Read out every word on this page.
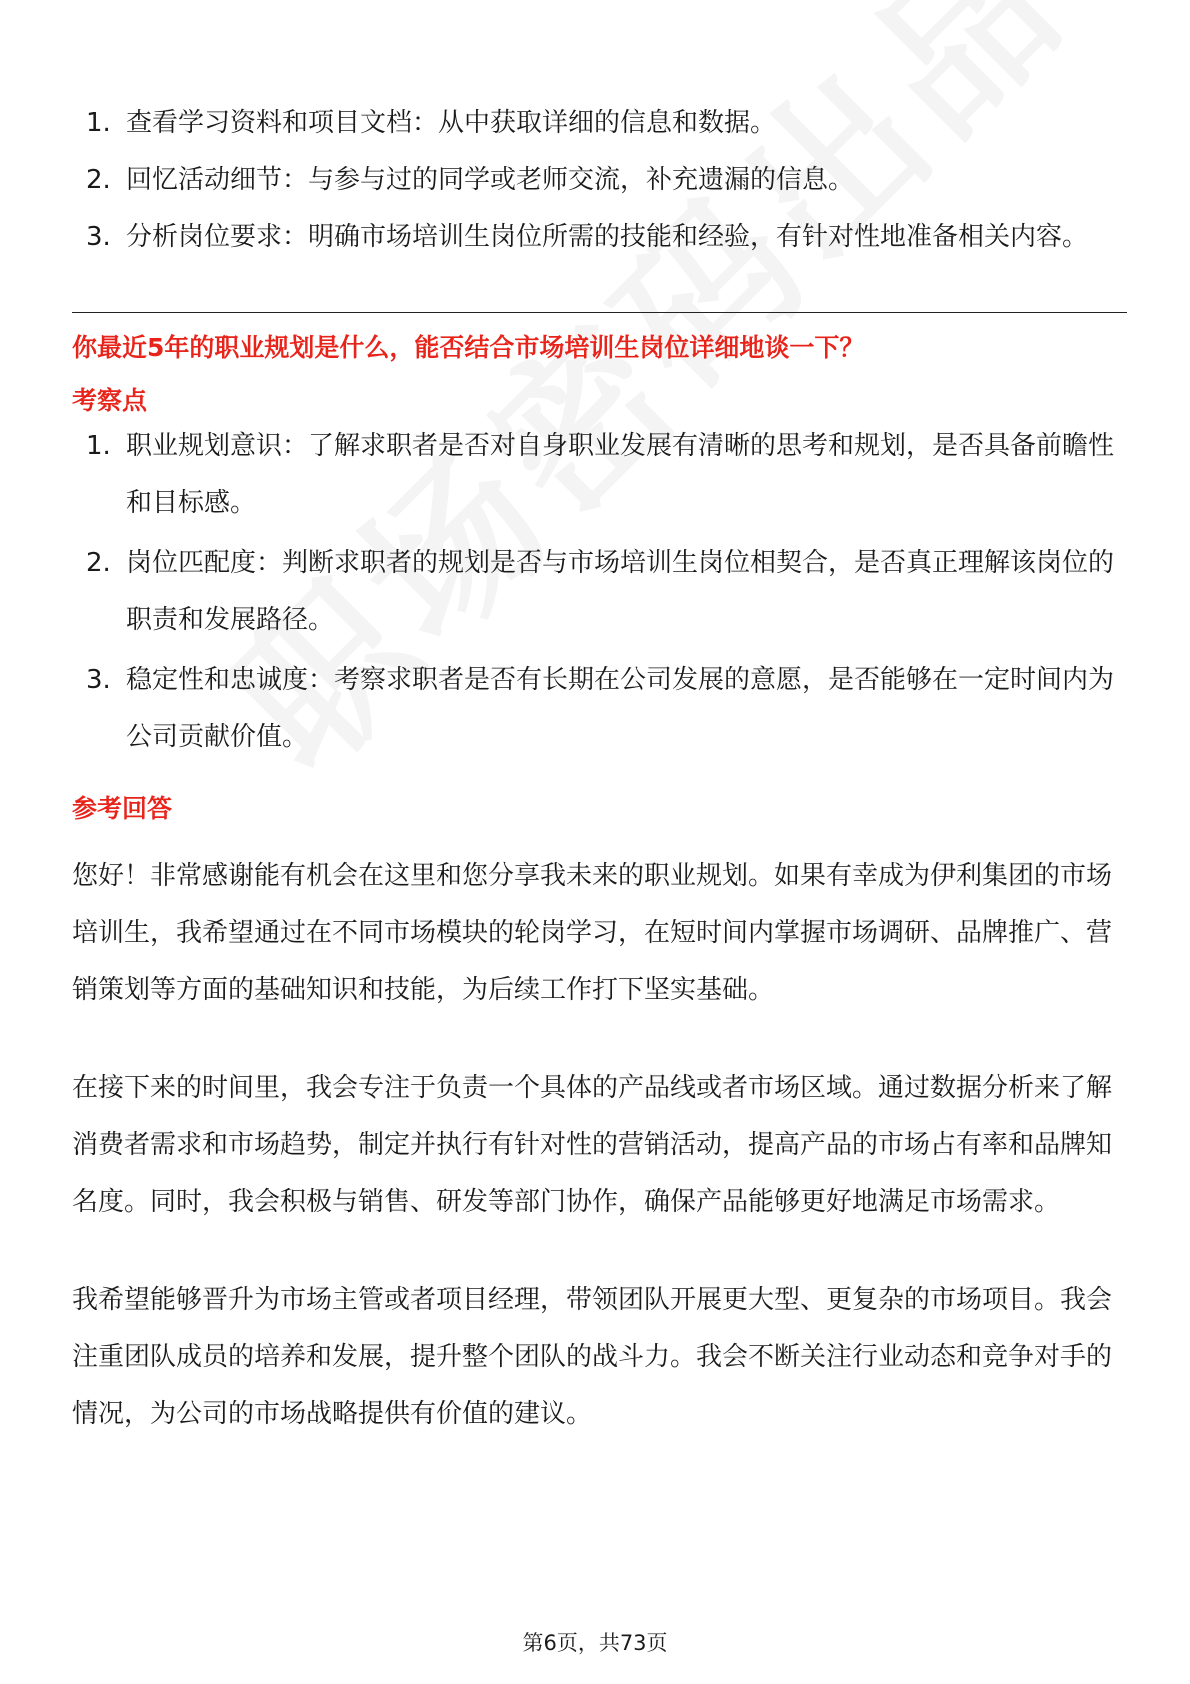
1. 查看学习资料和项目文档：从中获取详细的信息和数据。
2. 回忆活动细节：与参与过的同学或老师交流，补充遗漏的信息。
3. 分析岗位要求：明确市场培训生岗位所需的技能和经验，有针对性地准备相关内容。
你最近5年的职业规划是什么，能否结合市场培训生岗位详细地谈一下？
考察点
1. 职业规划意识：了解求职者是否对自身职业发展有清晰的思考和规划，是否具备前瞻性和目标感。
2. 岗位匹配度：判断求职者的规划是否与市场培训生岗位相契合，是否真正理解该岗位的职责和发展路径。
3. 稳定性和忠诚度：考察求职者是否有长期在公司发展的意愿，是否能够在一定时间内为公司贡献价值。
参考回答

您好！非常感谢能有机会在这里和您分享我未来的职业规划。如果有幸成为伊利集团的市场培训生，我希望通过在不同市场模块的轮岗学习，在短时间内掌握市场调研、品牌推广、营销策划等方面的基础知识和技能，为后续工作打下坚实基础。

在接下来的时间里，我会专注于负责一个具体的产品线或者市场区域。通过数据分析来了解消费者需求和市场趋势，制定并执行有针对性的营销活动，提高产品的市场占有率和品牌知名度。同时，我会积极与销售、研发等部门协作，确保产品能够更好地满足市场需求。

我希望能够晋升为市场主管或者项目经理，带领团队开展更大型、更复杂的市场项目。我会注重团队成员的培养和发展，提升整个团队的战斗力。我会不断关注行业动态和竞争对手的情况，为公司的市场战略提供有价值的建议。

第6页，共73页
